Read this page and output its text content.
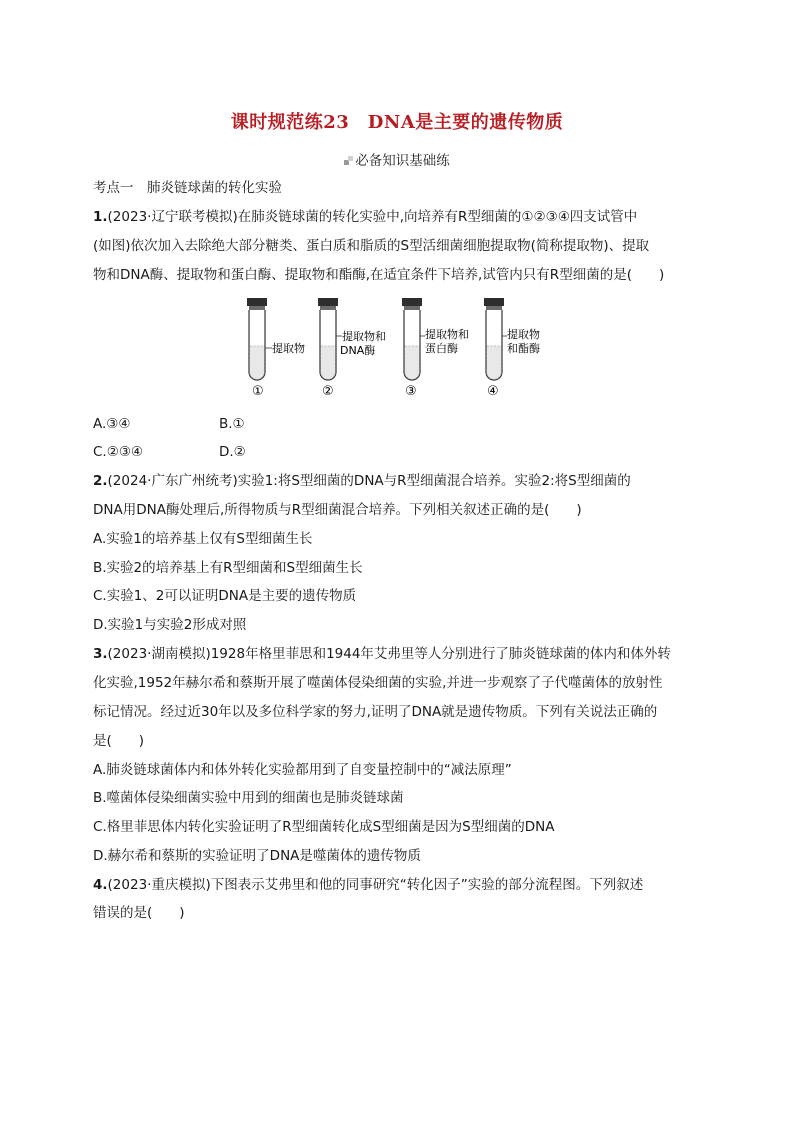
课时规范练23　DNA是主要的遗传物质
必备知识基础练
考点一　肺炎链球菌的转化实验
1.(2023·辽宁联考模拟)在肺炎链球菌的转化实验中,向培养有R型细菌的①②③④四支试管中
(如图)依次加入去除绝大部分糖类、蛋白质和脂质的S型活细菌细胞提取物(简称提取物)、提取
物和DNA酶、提取物和蛋白酶、提取物和酯酶,在适宜条件下培养,试管内只有R型细菌的是(　　)
提取物
①
提取物和
DNA酶
②
提取物和
蛋白酶
③
提取物
和酯酶
④
A.③④	B.①
C.②③④	D.②
2.(2024·广东广州统考)实验1:将S型细菌的DNA与R型细菌混合培养。实验2:将S型细菌的
DNA用DNA酶处理后,所得物质与R型细菌混合培养。下列相关叙述正确的是(　　)
A.实验1的培养基上仅有S型细菌生长
B.实验2的培养基上有R型细菌和S型细菌生长
C.实验1、2可以证明DNA是主要的遗传物质
D.实验1与实验2形成对照
3.(2023·湖南模拟)1928年格里菲思和1944年艾弗里等人分别进行了肺炎链球菌的体内和体外转
化实验,1952年赫尔希和蔡斯开展了噬菌体侵染细菌的实验,并进一步观察了子代噬菌体的放射性
标记情况。经过近30年以及多位科学家的努力,证明了DNA就是遗传物质。下列有关说法正确的
是(　　)
A.肺炎链球菌体内和体外转化实验都用到了自变量控制中的“减法原理”
B.噬菌体侵染细菌实验中用到的细菌也是肺炎链球菌
C.格里菲思体内转化实验证明了R型细菌转化成S型细菌是因为S型细菌的DNA
D.赫尔希和蔡斯的实验证明了DNA是噬菌体的遗传物质
4.(2023·重庆模拟)下图表示艾弗里和他的同事研究“转化因子”实验的部分流程图。下列叙述
错误的是(　　)
